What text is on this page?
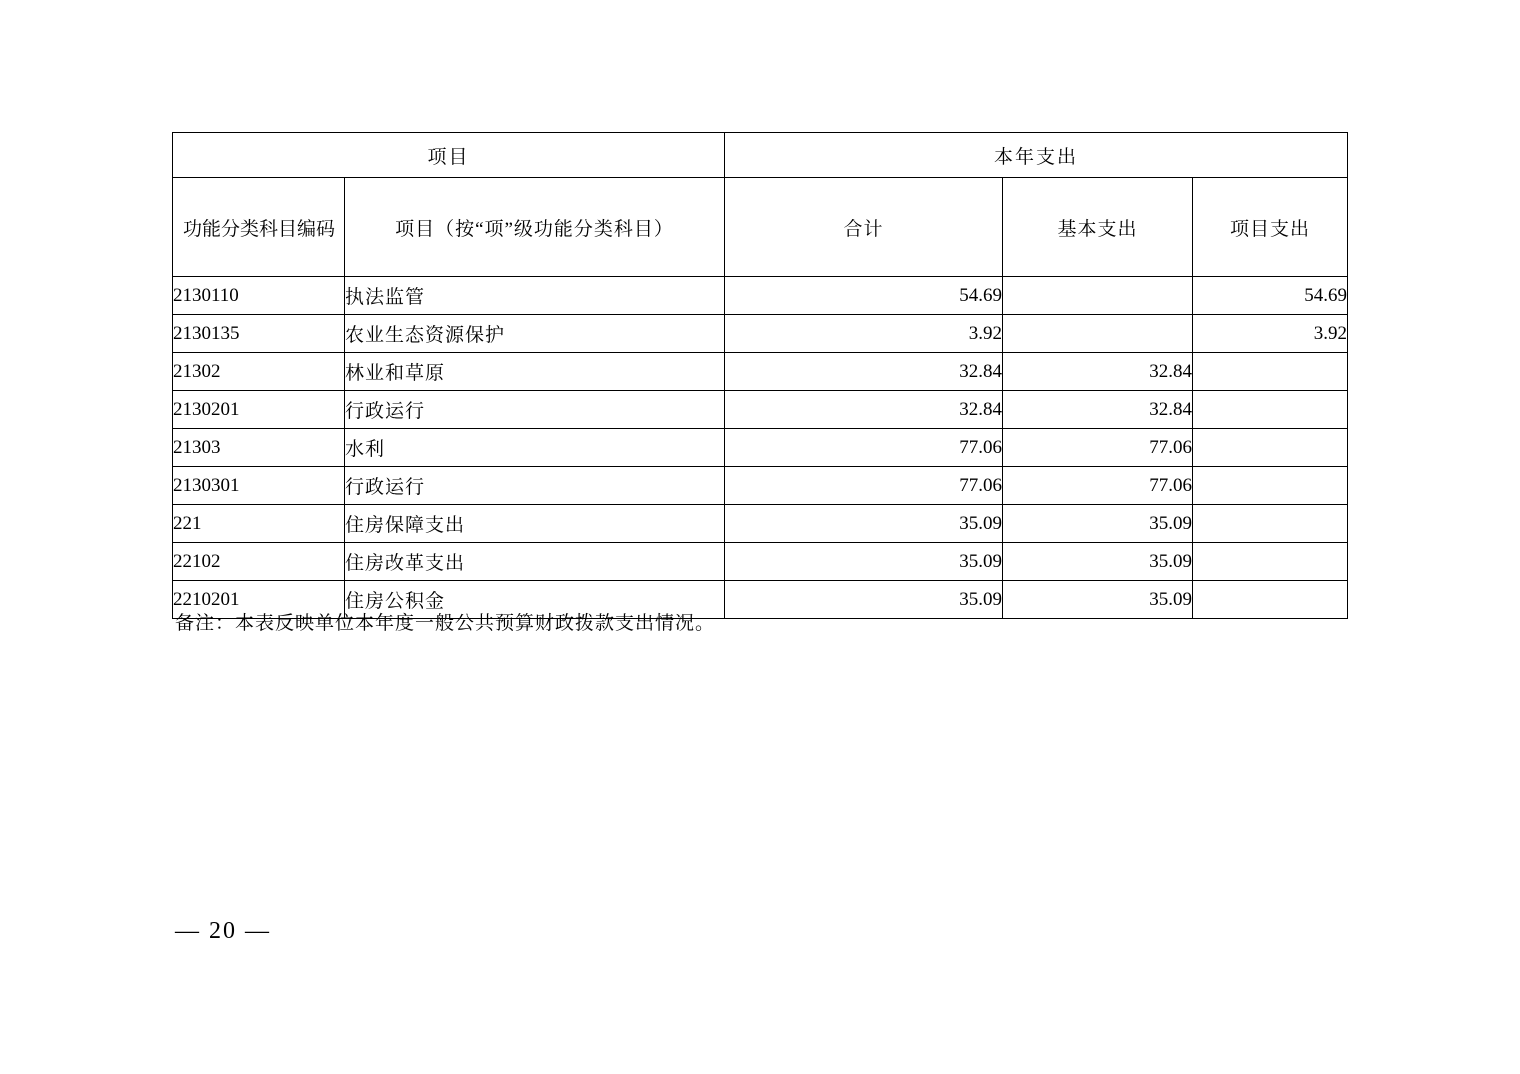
项目		本年支出		
功能分类科目编码	项目（按“项”级功能分类科目）	合计	基本支出	项目支出
2130110	执法监管	54.69		54.69
2130135	农业生态资源保护	3.92		3.92
21302	林业和草原	32.84	32.84	
2130201	行政运行	32.84	32.84	
21303	水利	77.06	77.06	
2130301	行政运行	77.06	77.06	
221	住房保障支出	35.09	35.09	
22102	住房改革支出	35.09	35.09	
2210201	住房公积金	35.09	35.09	
备注：本表反映单位本年度一般公共预算财政拨款支出情况。
— 20 —
